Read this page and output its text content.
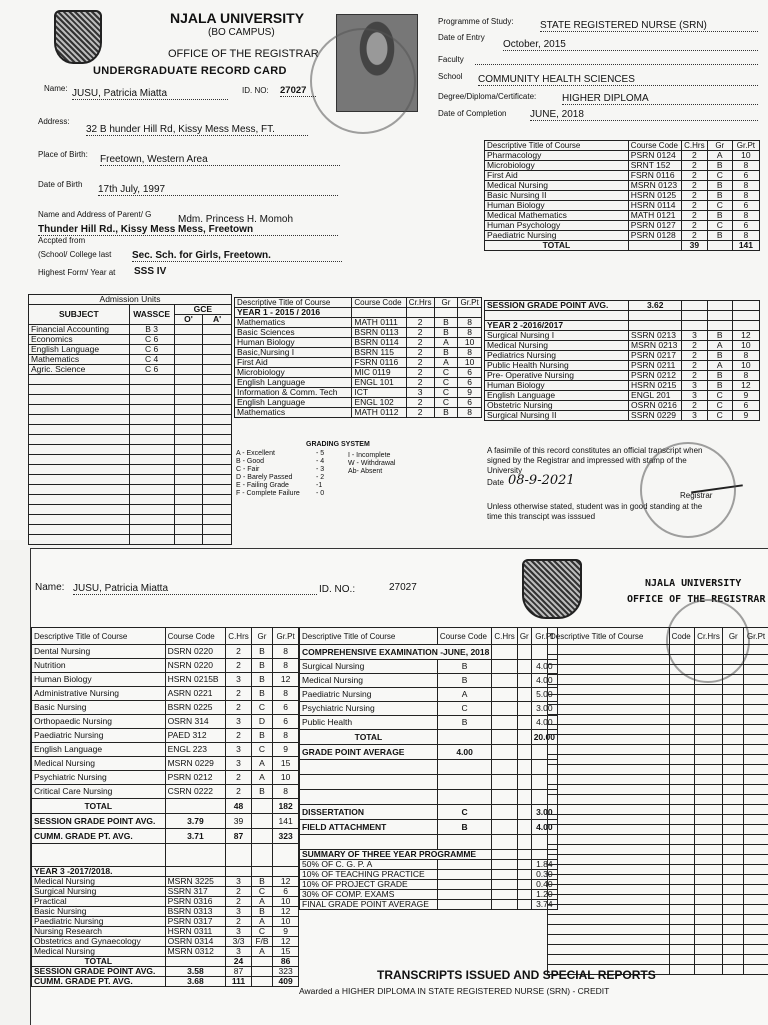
NJALA UNIVERSITY
(BO CAMPUS)
OFFICE OF THE REGISTRAR
UNDERGRADUATE RECORD CARD
Name: JUSU, Patricia Miatta	ID. NO: 27027
Address:
32 B hunder Hill Rd, Kissy Mess Mess, FT.
Place of Birth: Freetown, Western Area
Date of Birth 17th July, 1997
Name and Address of Parent/ G	Mdm. Princess H. Momoh
Thunder Hill Rd., Kissy Mess Mess, Freetown
Accpted from
(School/ College last Sec. Sch. for Girls, Freetown.
Highest Form/ Year at SSS IV
Programme of Study:	STATE REGISTERED NURSE (SRN)
Date of Entry
October, 2015
Faculty
School COMMUNITY HEALTH SCIENCES
Degree/Diploma/Certificate:	HIGHER DIPLOMA
Date of Completion JUNE, 2018
Descriptive Title of Course	Course Code	C.Hrs	Gr	Gr.Pt
Pharmacology	PSRN 0124	2	A	10
Microbiology	SRNT 152	2	B	8
First Aid	FSRN 0116	2	C	6
Medical Nursing	MSRN 0123	2	B	8
Basic Nursing II	HSRN 0125	2	B	8
Human Biology	HSRN 0114	2	C	6
Medical Mathematics	MATH 0121	2	B	8
Human Psychology	PSRN 0127	2	C	6
Paediatric Nursing	PSRN 0128	2	B	8
TOTAL		39		141
Admission Units			
SUBJECT	WASSCE	GCE	
		O'	A'
Financial Accounting	B 3		
Economics	C 6		
English Language	C 6		
Mathematics	C 4		
Agric. Science	C 6		

Descriptive Title of Course	Course Code	Cr.Hrs	Gr	Gr.Pt
YEAR 1 - 2015 / 2016				
Mathematics	MATH 0111	2	B	8
Basic Sciences	BSRN 0113	2	B	8
Human Biology	BSRN 0114	2	A	10
Basic,Nursing I	BSRN 115	2	B	8
First Aid	FSRN 0116	2	A	10
Microbiology	MIC 0119	2	C	6
English Language	ENGL 101	2	C	6
Information & Comm. Tech	ICT	3	C	9
English Language	ENGL 102	2	C	6
Mathematics	MATH 0112	2	B	8
SESSION GRADE POINT AVG.	3.62			

YEAR 2 -2016/2017				
Surgical Nursing I	SSRN 0213	3	B	12
Medical Nursing	MSRN 0213	2	A	10
Pediatrics Nursing	PSRN 0217	2	B	8
Public Health Nursing	PSRN 0211	2	A	10
Pre- Operative Nursing	PSRN 0212	2	B	8
Human Biology	HSRN 0215	3	B	12
English Language	ENGL 201	3	C	9
Obstetric Nursing	OSRN 0216	2	C	6
Surgical Nursing II	SSRN 0229	3	C	9
GRADING SYSTEM
A - Excellent	- 5
B - Good	- 4
C - Fair	- 3
D - Barely Passed	- 2
E - Failing Grade	-1
F - Complete Failure - 0
I - Incomplete
W - Withdrawal
Ab- Absent
A fasimile of this record constitutes an official transcript when
signed by the Registrar and impressed with stamp of the
University
Date 08-9-2021
Registrar
Unless otherwise stated, student was in good standing at the
time this transcipt was isssued
Name: JUSU, Patricia Miatta	ID. NO.:	27027	NJALA UNIVERSITY
OFFICE OF THE REGISTRAR
Descriptive Title of Course	Course Code	C.Hrs	Gr	Gr.Pt
Dental Nursing	DSRN 0220	2	B	8
Nutrition	NSRN 0220	2	B	8
Human Biology	HSRN 0215B	3	B	12
Administrative Nursing	ASRN 0221	2	B	8
Basic Nursing	BSRN 0225	2	C	6
Orthopaedic Nursing	OSRN 314	3	D	6
Paediatric Nursing	PAED 312	2	B	8
English Language	ENGL 223	3	C	9
Medical Nursing	MSRN 0229	3	A	15
Psychiatric Nursing	PSRN 0212	2	A	10
Critical Care Nursing	CSRN 0222	2	B	8
TOTAL		48		182
SESSION GRADE POINT AVG.	3.79	39		141
CUMM. GRADE PT. AVG.	3.71	87		323

YEAR 3 -2017/2018.				
Medical Nursing	MSRN 3225	3	B	12
Surgical Nursing	SSRN 317	2	C	6
Practical	PSRN 0316	2	A	10
Basic Nursing	BSRN 0313	3	B	12
Paediatric Nursing	PSRN 0317	2	A	10
Nursing Research	HSRN 0311	3	C	9
Obstetrics and Gynaecology	OSRN 0314	3/3	F/B	12
Medical Nursing	MSRN 0312	3	A	15
TOTAL		24		86
SESSION GRADE POINT AVG.	3.58	87		323
CUMM. GRADE PT. AVG.	3.68	111		409
Descriptive Title of Course	Course Code	C.Hrs	Gr	Gr.Pt
COMPREHENSIVE EXAMINATION -JUNE, 2018				
Surgical Nursing	B			4.00
Medical Nursing	B			4.00
Paediatric Nursing	A			5.00
Psychiatric Nursing	C			3.00
Public Health	B			4.00
TOTAL				20.00
GRADE POINT AVERAGE	4.00			

DISSERTATION	C			3.00
FIELD ATTACHMENT	B			4.00

SUMMARY OF THREE YEAR PROGRAMME				
50% OF C. G. P. A				1.84
10% OF TEACHING PRACTICE				0.30
10% OF PROJECT GRADE				0.40
30% OF COMP. EXAMS				1.20
FINAL GRADE POINT AVERAGE				3.74
Descriptive Title of Course	Code	Cr.Hrs	Gr	Gr.Pt

TRANSCRIPTS ISSUED AND SPECIAL REPORTS
Awarded a HIGHER DIPLOMA IN STATE REGISTERED NURSE (SRN) - CREDIT
